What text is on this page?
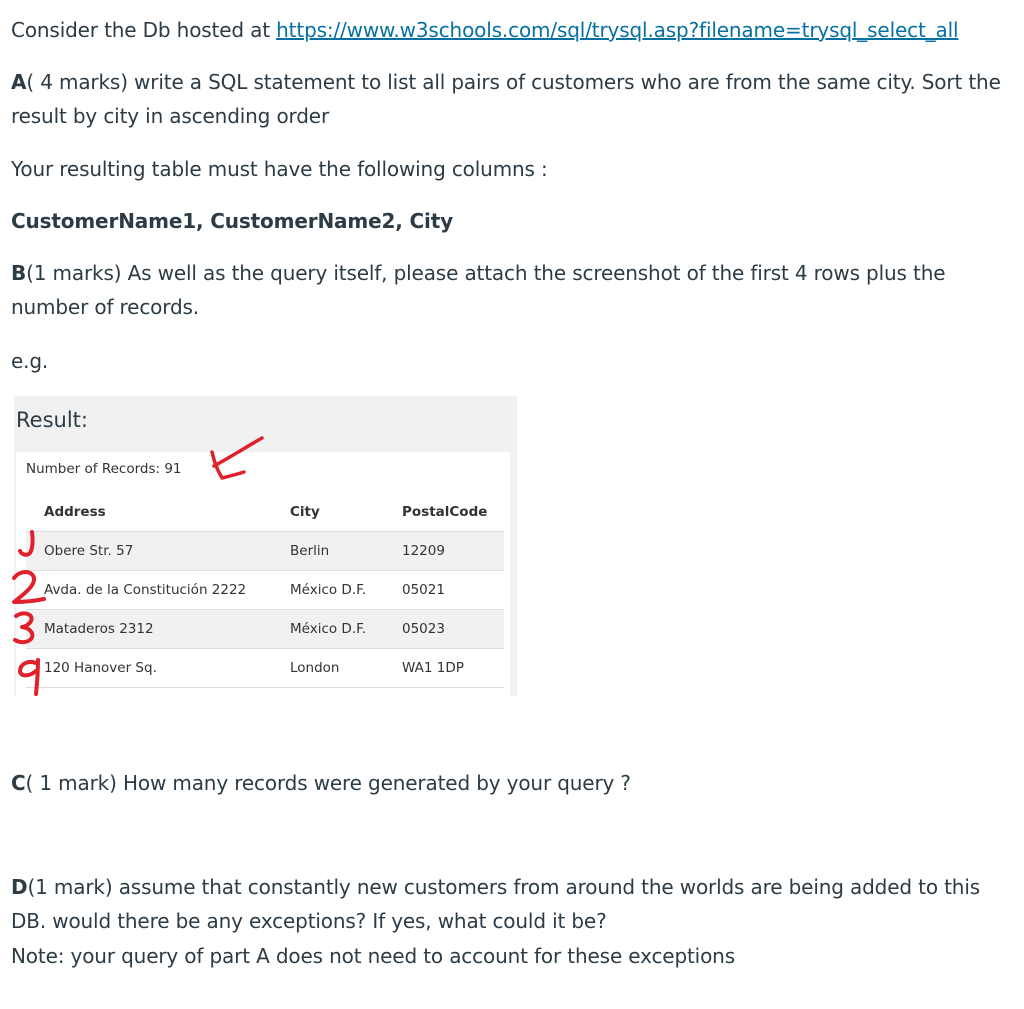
Consider the Db hosted at https://www.w3schools.com/sql/trysql.asp?filename=trysql_select_all

A( 4 marks) write a SQL statement to list all pairs of customers who are from the same city. Sort the result by city in ascending order

Your resulting table must have the following columns :

CustomerName1, CustomerName2, City

B(1 marks) As well as the query itself, please attach the screenshot of the first 4 rows plus the number of records.

e.g.

Result:
Number of Records: 91
Address	City	PostalCode
Obere Str. 57	Berlin	12209
Avda. de la Constitución 2222	México D.F.	05021
Mataderos 2312	México D.F.	05023
120 Hanover Sq.	London	WA1 1DP

C( 1 mark) How many records were generated by your query ?

D(1 mark) assume that constantly new customers from around the worlds are being added to this DB. would there be any exceptions? If yes, what could it be?

Note: your query of part A does not need to account for these exceptions
